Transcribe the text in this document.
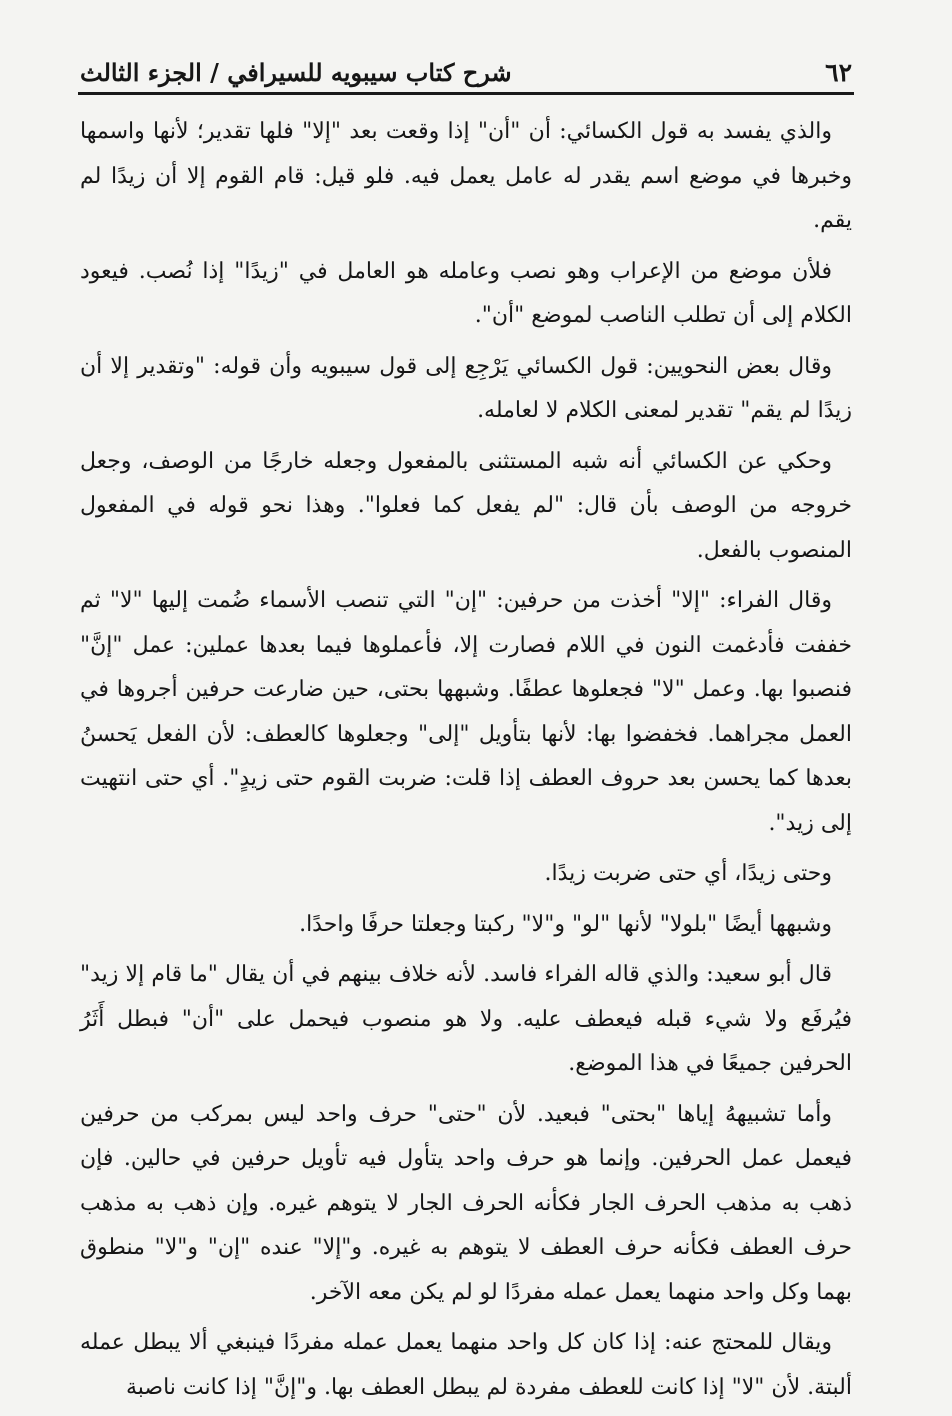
٦٢
شرح كتاب سيبويه للسيرافي / الجزء الثالث

والذي يفسد به قول الكسائي: أن "أن" إذا وقعت بعد "إلا" فلها تقدير؛ لأنها واسمها وخبرها في موضع اسم يقدر له عامل يعمل فيه. فلو قيل: قام القوم إلا أن زيدًا لم يقم.

فلأن موضع من الإعراب وهو نصب وعامله هو العامل في "زيدًا" إذا نُصب. فيعود الكلام إلى أن تطلب الناصب لموضع "أن".

وقال بعض النحويين: قول الكسائي يَرْجِع إلى قول سيبويه وأن قوله: "وتقدير إلا أن زيدًا لم يقم" تقدير لمعنى الكلام لا لعامله.

وحكي عن الكسائي أنه شبه المستثنى بالمفعول وجعله خارجًا من الوصف، وجعل خروجه من الوصف بأن قال: "لم يفعل كما فعلوا". وهذا نحو قوله في المفعول المنصوب بالفعل.

وقال الفراء: "إلا" أخذت من حرفين: "إن" التي تنصب الأسماء ضُمت إليها "لا" ثم خففت فأدغمت النون في اللام فصارت إلا، فأعملوها فيما بعدها عملين: عمل "إنَّ" فنصبوا بها. وعمل "لا" فجعلوها عطفًا. وشبهها بحتى، حين ضارعت حرفين أجروها في العمل مجراهما. فخفضوا بها: لأنها بتأويل "إلى" وجعلوها كالعطف: لأن الفعل يَحسنُ بعدها كما يحسن بعد حروف العطف إذا قلت: ضربت القوم حتى زيدٍ". أي حتى انتهيت إلى زيد".

وحتى زيدًا، أي حتى ضربت زيدًا.

وشبهها أيضًا "بلولا" لأنها "لو" و"لا" ركبتا وجعلتا حرفًا واحدًا.

قال أبو سعيد: والذي قاله الفراء فاسد. لأنه خلاف بينهم في أن يقال "ما قام إلا زيد" فيُرفَع ولا شيء قبله فيعطف عليه. ولا هو منصوب فيحمل على "أن" فبطل أَثَرُ الحرفين جميعًا في هذا الموضع.

وأما تشبيههُ إياها "بحتى" فبعيد. لأن "حتى" حرف واحد ليس بمركب من حرفين فيعمل عمل الحرفين. وإنما هو حرف واحد يتأول فيه تأويل حرفين في حالين. فإن ذهب به مذهب الحرف الجار فكأنه الحرف الجار لا يتوهم غيره. وإن ذهب به مذهب حرف العطف فكأنه حرف العطف لا يتوهم به غيره. و"إلا" عنده "إن" و"لا" منطوق بهما وكل واحد منهما يعمل عمله مفردًا لو لم يكن معه الآخر.

ويقال للمحتج عنه: إذا كان كل واحد منهما يعمل عمله مفردًا فينبغي ألا يبطل عمله ألبتة. لأن "لا" إذا كانت للعطف مفردة لم يبطل العطف بها. و"إنَّ" إذا كانت ناصبة
